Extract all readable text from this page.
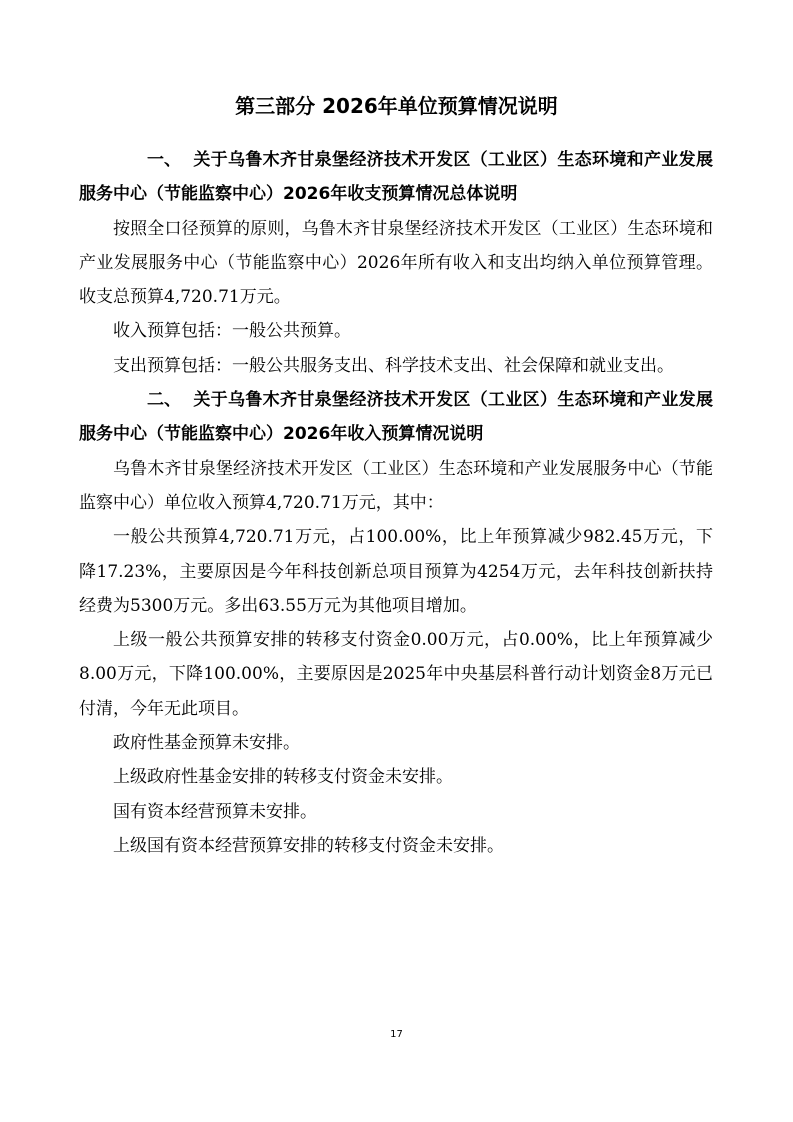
第三部分 2026年单位预算情况说明

一、 关于乌鲁木齐甘泉堡经济技术开发区（工业区）生态环境和产业发展服务中心（节能监察中心）2026年收支预算情况总体说明

按照全口径预算的原则，乌鲁木齐甘泉堡经济技术开发区（工业区）生态环境和产业发展服务中心（节能监察中心）2026年所有收入和支出均纳入单位预算管理。收支总预算4,720.71万元。

收入预算包括：一般公共预算。

支出预算包括：一般公共服务支出、科学技术支出、社会保障和就业支出。

二、 关于乌鲁木齐甘泉堡经济技术开发区（工业区）生态环境和产业发展服务中心（节能监察中心）2026年收入预算情况说明

乌鲁木齐甘泉堡经济技术开发区（工业区）生态环境和产业发展服务中心（节能监察中心）单位收入预算4,720.71万元，其中：

一般公共预算4,720.71万元，占100.00%，比上年预算减少982.45万元，下降17.23%，主要原因是今年科技创新总项目预算为4254万元，去年科技创新扶持经费为5300万元。多出63.55万元为其他项目增加。

上级一般公共预算安排的转移支付资金0.00万元，占0.00%，比上年预算减少8.00万元，下降100.00%，主要原因是2025年中央基层科普行动计划资金8万元已付清，今年无此项目。

政府性基金预算未安排。

上级政府性基金安排的转移支付资金未安排。

国有资本经营预算未安排。

上级国有资本经营预算安排的转移支付资金未安排。

17
